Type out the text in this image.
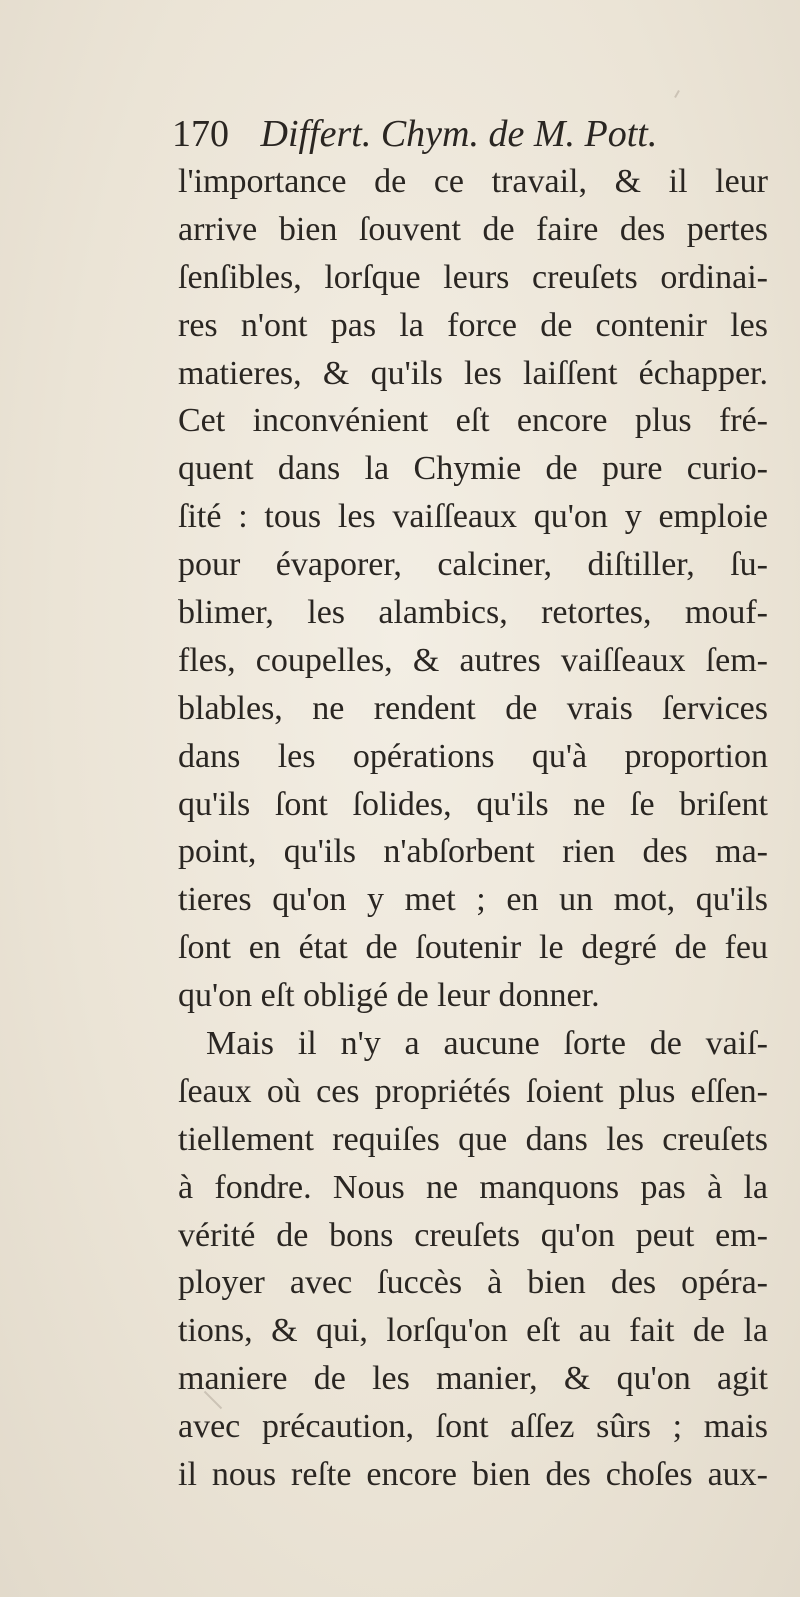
170 Differt. Chym. de M. Pott.
l'importance de ce travail, & il leur
arrive bien ſouvent de faire des pertes
ſenſibles, lorſque leurs creuſets ordinai-
res n'ont pas la force de contenir les
matieres, & qu'ils les laiſſent échapper.
Cet inconvénient eſt encore plus fré-
quent dans la Chymie de pure curio-
ſité : tous les vaiſſeaux qu'on y emploie
pour évaporer, calciner, diſtiller, ſu-
blimer, les alambics, retortes, mouf-
fles, coupelles, & autres vaiſſeaux ſem-
blables, ne rendent de vrais ſervices
dans les opérations qu'à proportion
qu'ils ſont ſolides, qu'ils ne ſe briſent
point, qu'ils n'abſorbent rien des ma-
tieres qu'on y met ; en un mot, qu'ils
ſont en état de ſoutenir le degré de feu
qu'on eſt obligé de leur donner.
Mais il n'y a aucune ſorte de vaiſ-
ſeaux où ces propriétés ſoient plus eſſen-
tiellement requiſes que dans les creuſets
à fondre. Nous ne manquons pas à la
vérité de bons creuſets qu'on peut em-
ployer avec ſuccès à bien des opéra-
tions, & qui, lorſqu'on eſt au fait de la
maniere de les manier, & qu'on agit
avec précaution, ſont aſſez sûrs ; mais
il nous reſte encore bien des choſes aux-
